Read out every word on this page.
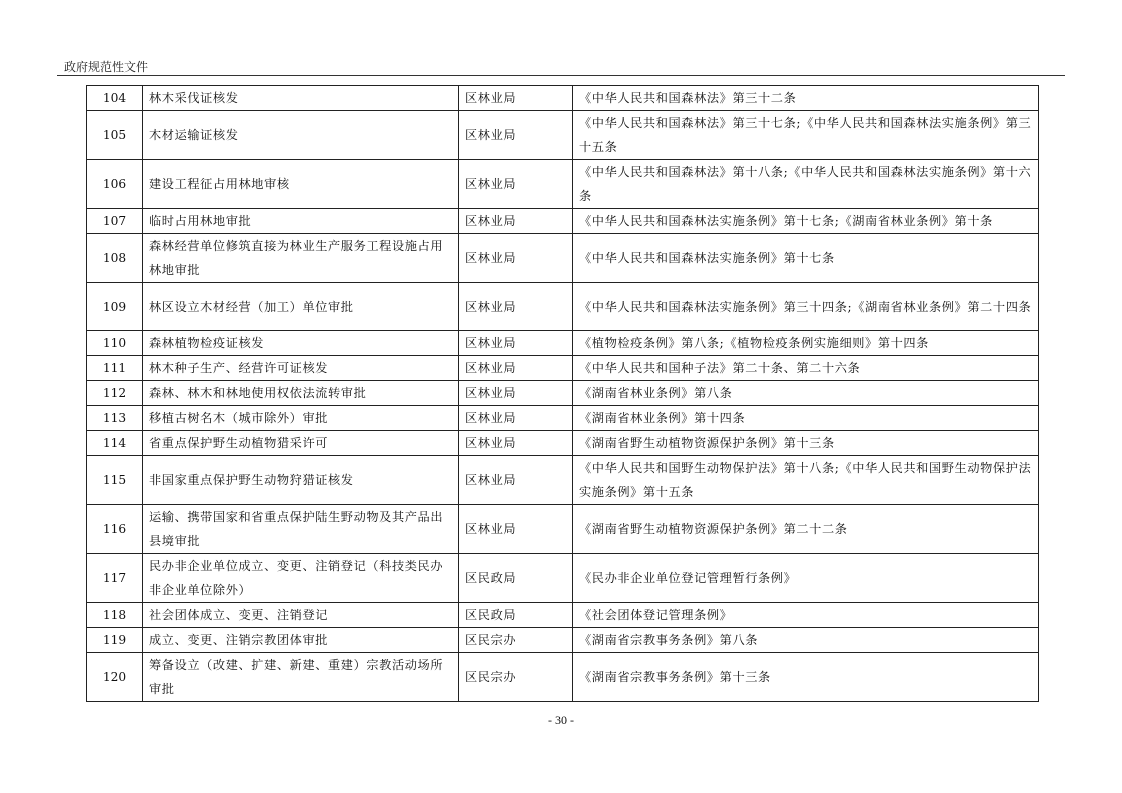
政府规范性文件
104	林木采伐证核发	区林业局	《中华人民共和国森林法》第三十二条
105	木材运输证核发	区林业局	《中华人民共和国森林法》第三十七条;《中华人民共和国森林法实施条例》第三十五条
106	建设工程征占用林地审核	区林业局	《中华人民共和国森林法》第十八条;《中华人民共和国森林法实施条例》第十六条
107	临时占用林地审批	区林业局	《中华人民共和国森林法实施条例》第十七条;《湖南省林业条例》第十条
108	森林经营单位修筑直接为林业生产服务工程设施占用林地审批	区林业局	《中华人民共和国森林法实施条例》第十七条
109	林区设立木材经营（加工）单位审批	区林业局	《中华人民共和国森林法实施条例》第三十四条;《湖南省林业条例》第二十四条
110	森林植物检疫证核发	区林业局	《植物检疫条例》第八条;《植物检疫条例实施细则》第十四条
111	林木种子生产、经营许可证核发	区林业局	《中华人民共和国种子法》第二十条、第二十六条
112	森林、林木和林地使用权依法流转审批	区林业局	《湖南省林业条例》第八条
113	移植古树名木（城市除外）审批	区林业局	《湖南省林业条例》第十四条
114	省重点保护野生动植物猎采许可	区林业局	《湖南省野生动植物资源保护条例》第十三条
115	非国家重点保护野生动物狩猎证核发	区林业局	《中华人民共和国野生动物保护法》第十八条;《中华人民共和国野生动物保护法实施条例》第十五条
116	运输、携带国家和省重点保护陆生野动物及其产品出县境审批	区林业局	《湖南省野生动植物资源保护条例》第二十二条
117	民办非企业单位成立、变更、注销登记（科技类民办非企业单位除外）	区民政局	《民办非企业单位登记管理暂行条例》
118	社会团体成立、变更、注销登记	区民政局	《社会团体登记管理条例》
119	成立、变更、注销宗教团体审批	区民宗办	《湖南省宗教事务条例》第八条
120	筹备设立（改建、扩建、新建、重建）宗教活动场所审批	区民宗办	《湖南省宗教事务条例》第十三条
- 30 -
